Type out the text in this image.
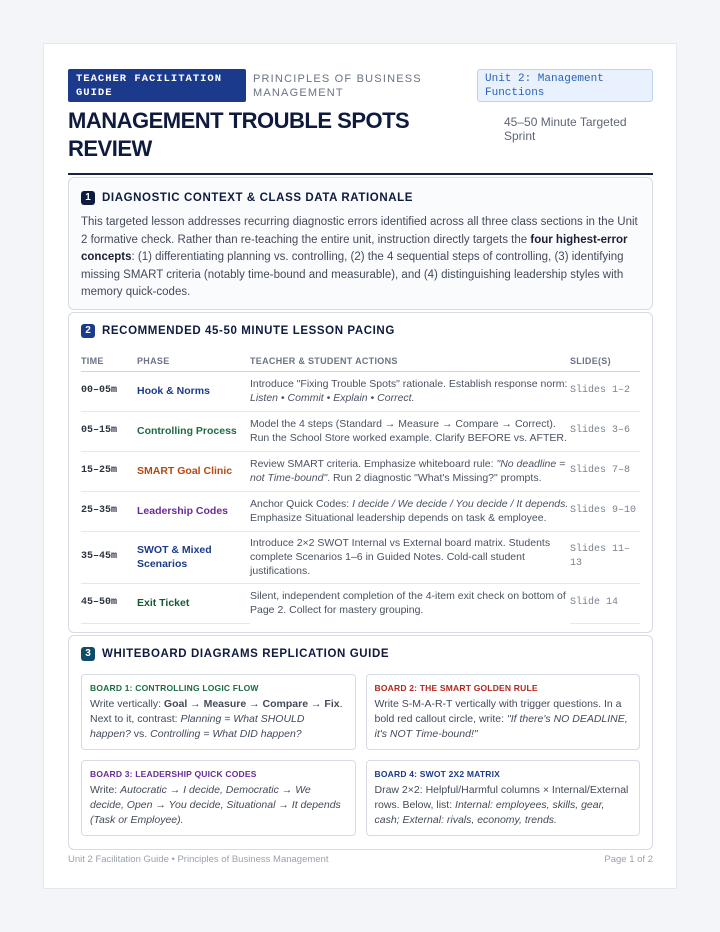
TEACHER FACILITATION GUIDE
PRINCIPLES OF BUSINESS MANAGEMENT
Unit 2: Management Functions
MANAGEMENT TROUBLE SPOTS REVIEW
45–50 Minute Targeted Sprint
1 DIAGNOSTIC CONTEXT & CLASS DATA RATIONALE

This targeted lesson addresses recurring diagnostic errors identified across all three class sections in the Unit 2 formative check. Rather than re-teaching the entire unit, instruction directly targets the four highest-error concepts: (1) differentiating planning vs. controlling, (2) the 4 sequential steps of controlling, (3) identifying missing SMART criteria (notably time-bound and measurable), and (4) distinguishing leadership styles with memory quick-codes.

2 RECOMMENDED 45-50 MINUTE LESSON PACING
TIME	PHASE	TEACHER & STUDENT ACTIONS	SLIDE(S)
00–05m	Hook & Norms	Introduce "Fixing Trouble Spots" rationale. Establish response norm: Listen • Commit • Explain • Correct.	Slides 1–2
05–15m	Controlling Process	Model the 4 steps (Standard → Measure → Compare → Correct). Run the School Store worked example. Clarify BEFORE vs. AFTER.	Slides 3–6
15–25m	SMART Goal Clinic	Review SMART criteria. Emphasize whiteboard rule: "No deadline = not Time-bound". Run 2 diagnostic "What's Missing?" prompts.	Slides 7–8
25–35m	Leadership Codes	Anchor Quick Codes: I decide / We decide / You decide / It depends. Emphasize Situational leadership depends on task & employee.	Slides 9–10
35–45m	SWOT & Mixed Scenarios	Introduce 2×2 SWOT Internal vs External board matrix. Students complete Scenarios 1–6 in Guided Notes. Cold-call student justifications.	Slides 11–13
45–50m	Exit Ticket	Silent, independent completion of the 4-item exit check on bottom of Page 2. Collect for mastery grouping.	Slide 14
3 WHITEBOARD DIAGRAMS REPLICATION GUIDE
BOARD 1: CONTROLLING LOGIC FLOW
Write vertically: Goal → Measure → Compare → Fix. Next to it, contrast: Planning = What SHOULD happen? vs. Controlling = What DID happen?
BOARD 2: THE SMART GOLDEN RULE
Write S-M-A-R-T vertically with trigger questions. In a bold red callout circle, write: "If there's NO DEADLINE, it's NOT Time-bound!"
BOARD 3: LEADERSHIP QUICK CODES
Write: Autocratic → I decide, Democratic → We decide, Open → You decide, Situational → It depends (Task or Employee).
BOARD 4: SWOT 2X2 MATRIX
Draw 2×2: Helpful/Harmful columns × Internal/External rows. Below, list: Internal: employees, skills, gear, cash; External: rivals, economy, trends.
Unit 2 Facilitation Guide • Principles of Business Management	Page 1 of 2
